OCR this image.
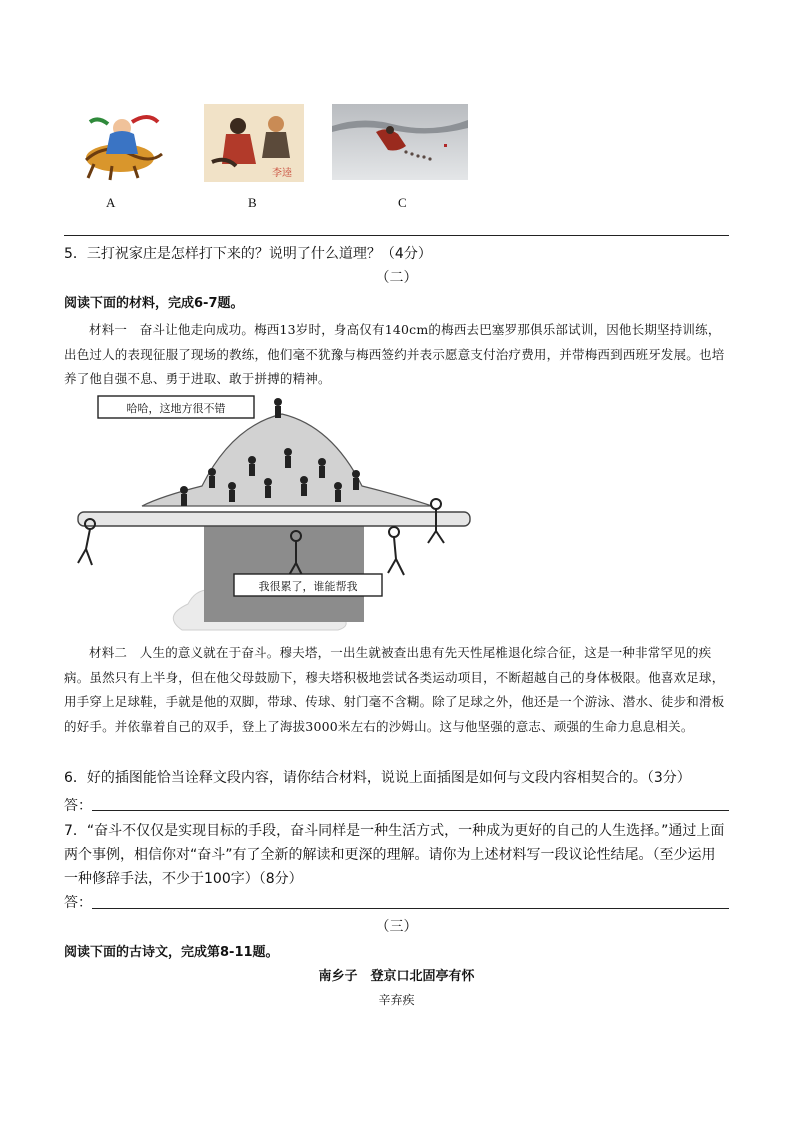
李逵
A	B	C
5．三打祝家庄是怎样打下来的？说明了什么道理？（4分）
（二）
阅读下面的材料，完成6-7题。
材料一　奋斗让他走向成功。梅西13岁时，身高仅有140cm的梅西去巴塞罗那俱乐部试训，因他长期坚持训练，出色过人的表现征服了现场的教练，他们毫不犹豫与梅西签约并表示愿意支付治疗费用，并带梅西到西班牙发展。也培养了他自强不息、勇于进取、敢于拼搏的精神。
哈哈，这地方很不错
我很累了，谁能帮我
材料二　人生的意义就在于奋斗。穆夫塔，一出生就被查出患有先天性尾椎退化综合征，这是一种非常罕见的疾病。虽然只有上半身，但在他父母鼓励下，穆夫塔积极地尝试各类运动项目，不断超越自己的身体极限。他喜欢足球，用手穿上足球鞋，手就是他的双脚，带球、传球、射门毫不含糊。除了足球之外，他还是一个游泳、潜水、徒步和滑板的好手。并依靠着自己的双手，登上了海拔3000米左右的沙姆山。这与他坚强的意志、顽强的生命力息息相关。
6．好的插图能恰当诠释文段内容，请你结合材料，说说上面插图是如何与文段内容相契合的。（3分）
答：
7．“奋斗不仅仅是实现目标的手段，奋斗同样是一种生活方式，一种成为更好的自己的人生选择。”通过上面两个事例，相信你对“奋斗”有了全新的解读和更深的理解。请你为上述材料写一段议论性结尾。（至少运用一种修辞手法，不少于100字）（8分）
答：
（三）
阅读下面的古诗文，完成第8-11题。
南乡子　登京口北固亭有怀
辛弃疾
